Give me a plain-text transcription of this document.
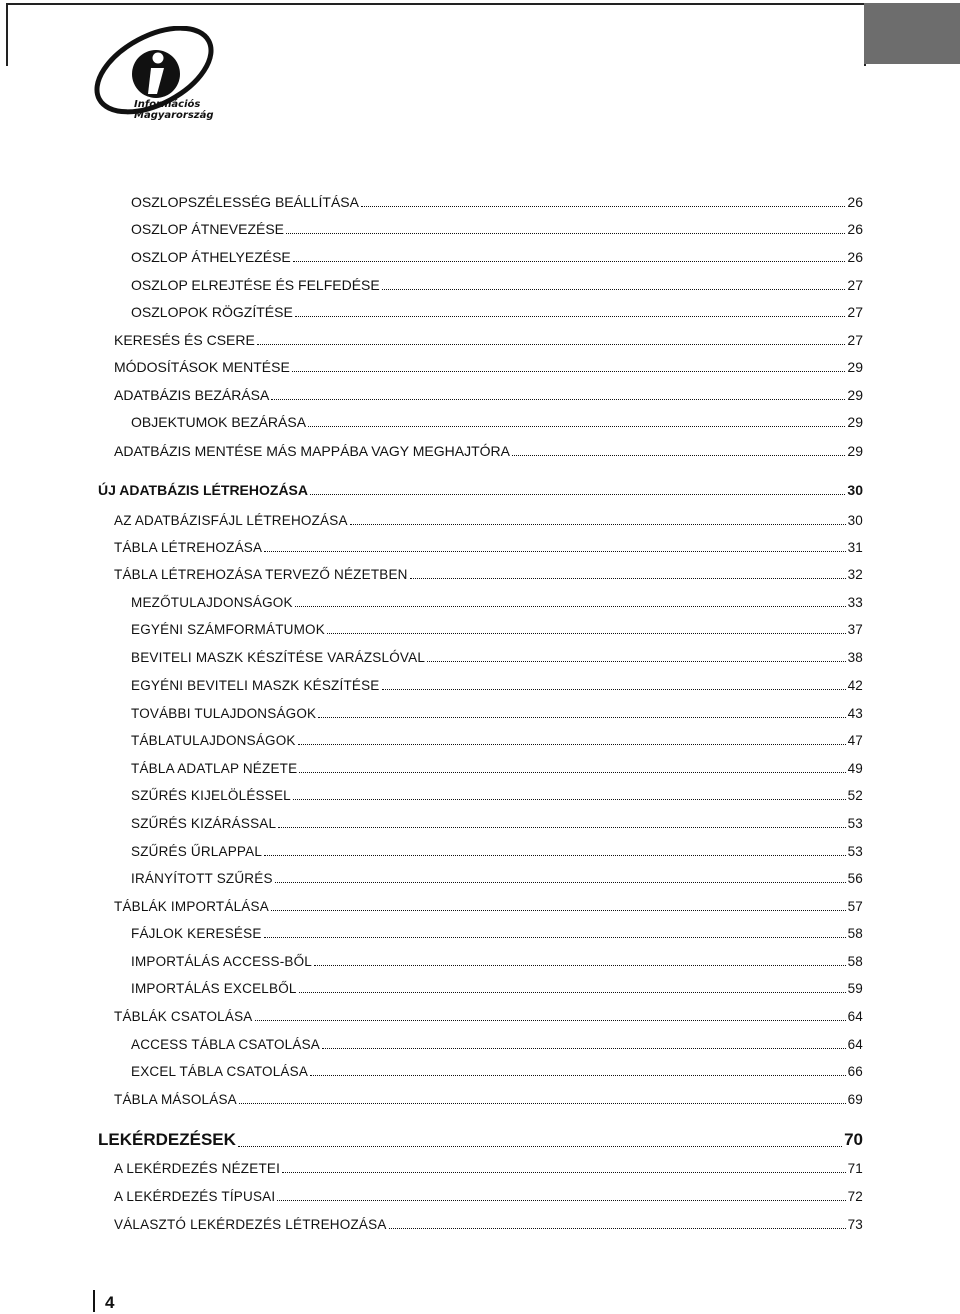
Információs
Magyarország
OSZLOPSZÉLESSÉG BEÁLLÍTÁSA	26
OSZLOP ÁTNEVEZÉSE	26
OSZLOP ÁTHELYEZÉSE	26
OSZLOP ELREJTÉSE ÉS FELFEDÉSE	27
OSZLOPOK RÖGZÍTÉSE	27
KERESÉS ÉS CSERE	27
MÓDOSÍTÁSOK MENTÉSE	29
ADATBÁZIS BEZÁRÁSA	29
OBJEKTUMOK BEZÁRÁSA	29
ADATBÁZIS MENTÉSE MÁS MAPPÁBA VAGY MEGHAJTÓRA	29
ÚJ ADATBÁZIS LÉTREHOZÁSA	30
AZ ADATBÁZISFÁJL LÉTREHOZÁSA	30
TÁBLA LÉTREHOZÁSA	31
TÁBLA LÉTREHOZÁSA TERVEZŐ NÉZETBEN	32
MEZŐTULAJDONSÁGOK	33
EGYÉNI SZÁMFORMÁTUMOK	37
BEVITELI MASZK KÉSZÍTÉSE VARÁZSLÓVAL	38
EGYÉNI BEVITELI MASZK KÉSZÍTÉSE	42
TOVÁBBI TULAJDONSÁGOK	43
TÁBLATULAJDONSÁGOK	47
TÁBLA ADATLAP NÉZETE	49
SZŰRÉS KIJELÖLÉSSEL	52
SZŰRÉS KIZÁRÁSSAL	53
SZŰRÉS ŰRLAPPAL	53
IRÁNYÍTOTT SZŰRÉS	56
TÁBLÁK IMPORTÁLÁSA	57
FÁJLOK KERESÉSE	58
IMPORTÁLÁS ACCESS-BŐL	58
IMPORTÁLÁS EXCELBŐL	59
TÁBLÁK CSATOLÁSA	64
ACCESS TÁBLA CSATOLÁSA	64
EXCEL TÁBLA CSATOLÁSA	66
TÁBLA MÁSOLÁSA	69
LEKÉRDEZÉSEK	70
A LEKÉRDEZÉS NÉZETEI	71
A LEKÉRDEZÉS TÍPUSAI	72
VÁLASZTÓ LEKÉRDEZÉS LÉTREHOZÁSA	73
4
